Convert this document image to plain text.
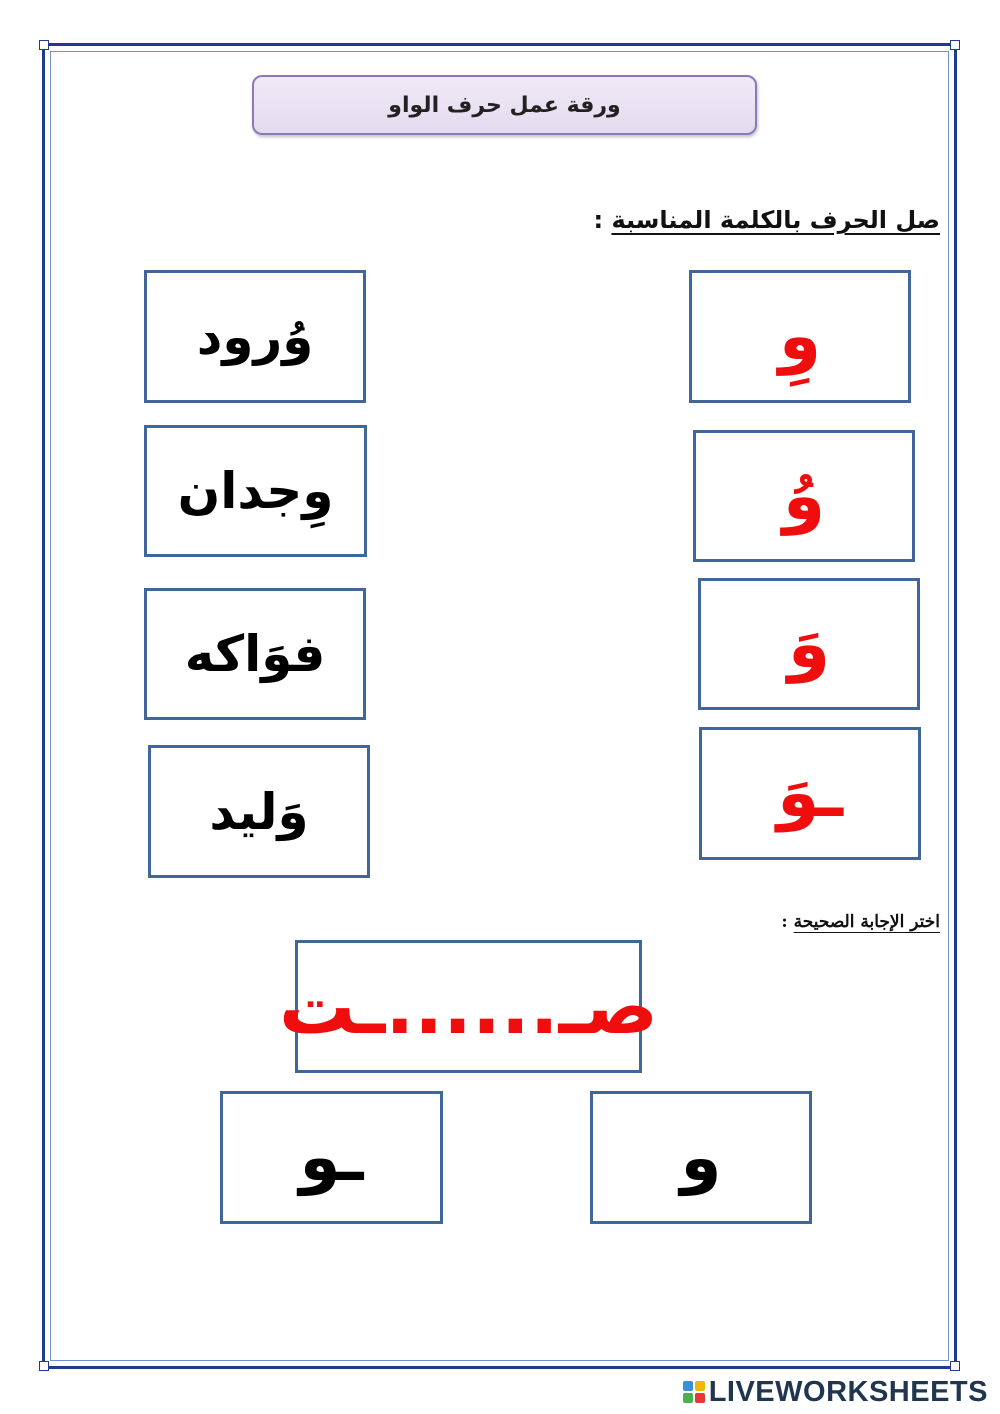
ورقة عمل حرف الواو
صل الحرف بالكلمة المناسبة :
وُرود
وِجدان
فوَاكه
وَليد
وِ
وُ
وَ
ـوَ
اختر الإجابة الصحيحة :
صـ......ـت
ـو	و
LIVEWORKSHEETS
